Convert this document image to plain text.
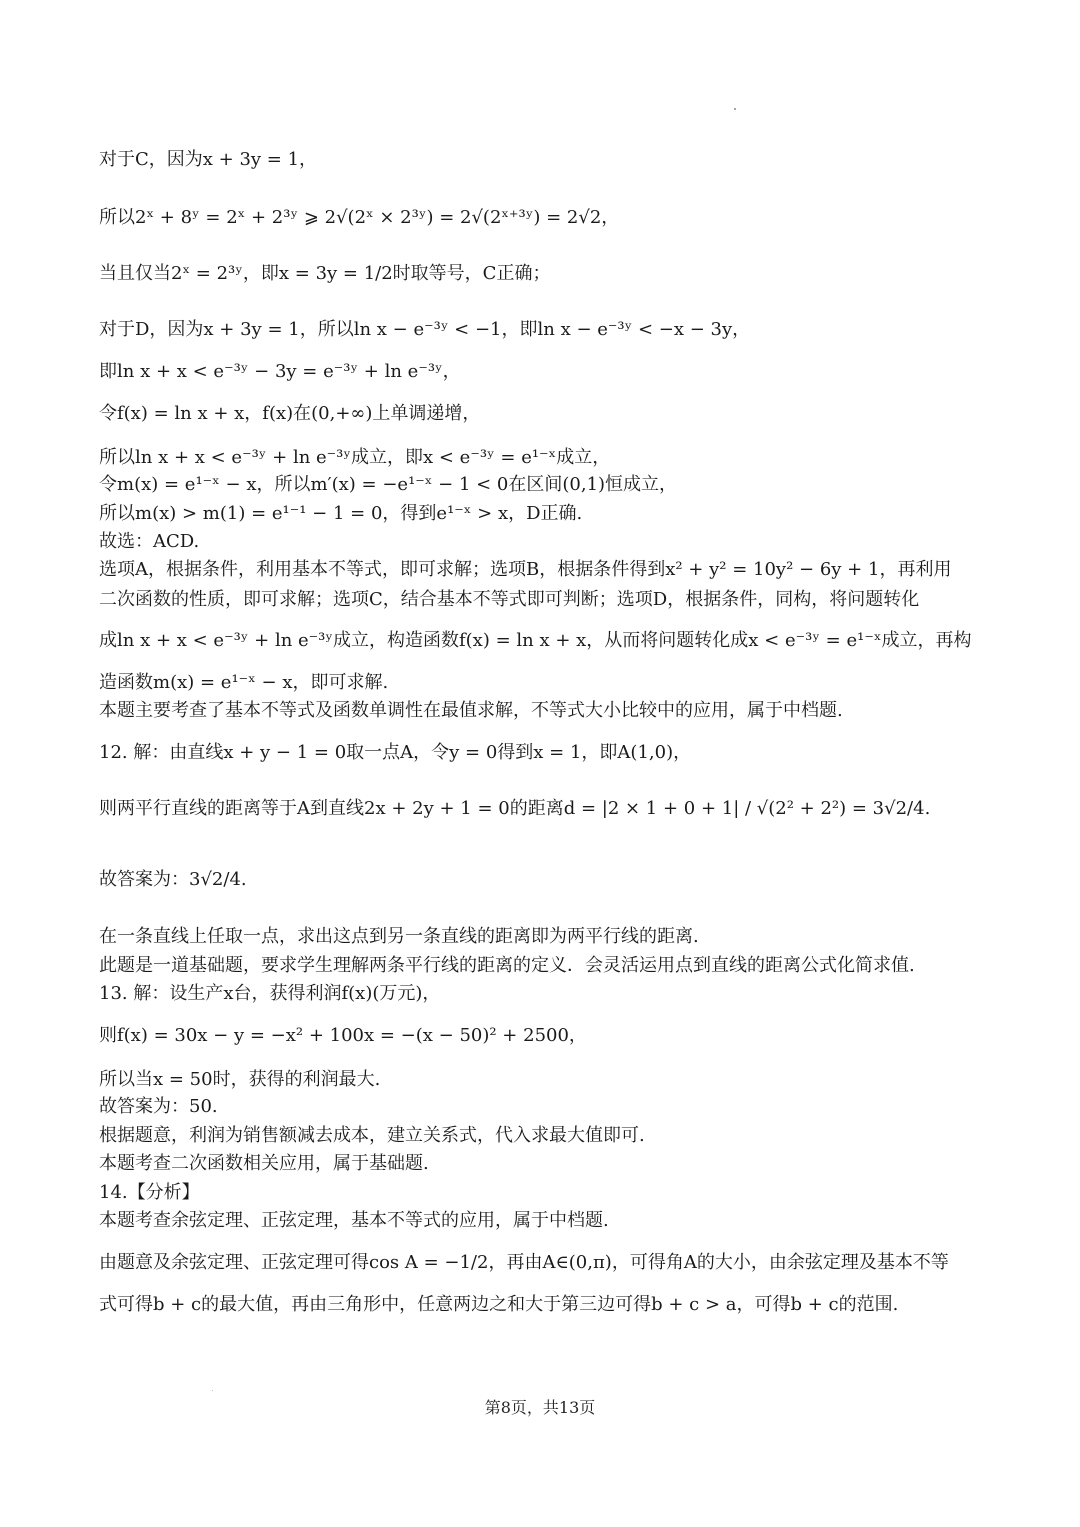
对于C，因为x + 3y = 1，
所以2ˣ + 8ʸ = 2ˣ + 2³ʸ ⩾ 2√(2ˣ × 2³ʸ) = 2√(2ˣ⁺³ʸ) = 2√2，
当且仅当2ˣ = 2³ʸ，即x = 3y = 1/2时取等号，C正确；
对于D，因为x + 3y = 1，所以ln x − e⁻³ʸ < −1，即ln x − e⁻³ʸ < −x − 3y，
即ln x + x < e⁻³ʸ − 3y = e⁻³ʸ + ln e⁻³ʸ，
令f(x) = ln x + x，f(x)在(0,+∞)上单调递增，
所以ln x + x < e⁻³ʸ + ln e⁻³ʸ成立，即x < e⁻³ʸ = e¹⁻ˣ成立，
令m(x) = e¹⁻ˣ − x，所以m′(x) = −e¹⁻ˣ − 1 < 0在区间(0,1)恒成立，
所以m(x) > m(1) = e¹⁻¹ − 1 = 0，得到e¹⁻ˣ > x，D正确.
故选：ACD.
选项A，根据条件，利用基本不等式，即可求解；选项B，根据条件得到x² + y² = 10y² − 6y + 1，再利用
二次函数的性质，即可求解；选项C，结合基本不等式即可判断；选项D，根据条件，同构，将问题转化
成ln x + x < e⁻³ʸ + ln e⁻³ʸ成立，构造函数f(x) = ln x + x，从而将问题转化成x < e⁻³ʸ = e¹⁻ˣ成立，再构
造函数m(x) = e¹⁻ˣ − x，即可求解.
本题主要考查了基本不等式及函数单调性在最值求解，不等式大小比较中的应用，属于中档题.
12. 解：由直线x + y − 1 = 0取一点A，令y = 0得到x = 1，即A(1,0)，
则两平行直线的距离等于A到直线2x + 2y + 1 = 0的距离d = |2 × 1 + 0 + 1| / √(2² + 2²) = 3√2/4.
故答案为：3√2/4.
在一条直线上任取一点，求出这点到另一条直线的距离即为两平行线的距离.
此题是一道基础题，要求学生理解两条平行线的距离的定义．会灵活运用点到直线的距离公式化简求值.
13. 解：设生产x台，获得利润f(x)(万元)，
则f(x) = 30x − y = −x² + 100x = −(x − 50)² + 2500，
所以当x = 50时，获得的利润最大.
故答案为：50.
根据题意，利润为销售额减去成本，建立关系式，代入求最大值即可.
本题考查二次函数相关应用，属于基础题.
14.【分析】
本题考查余弦定理、正弦定理，基本不等式的应用，属于中档题.
由题意及余弦定理、正弦定理可得cos A = −1/2，再由A∈(0,π)，可得角A的大小，由余弦定理及基本不等
式可得b + c的最大值，再由三角形中，任意两边之和大于第三边可得b + c > a，可得b + c的范围.
第8页，共13页
